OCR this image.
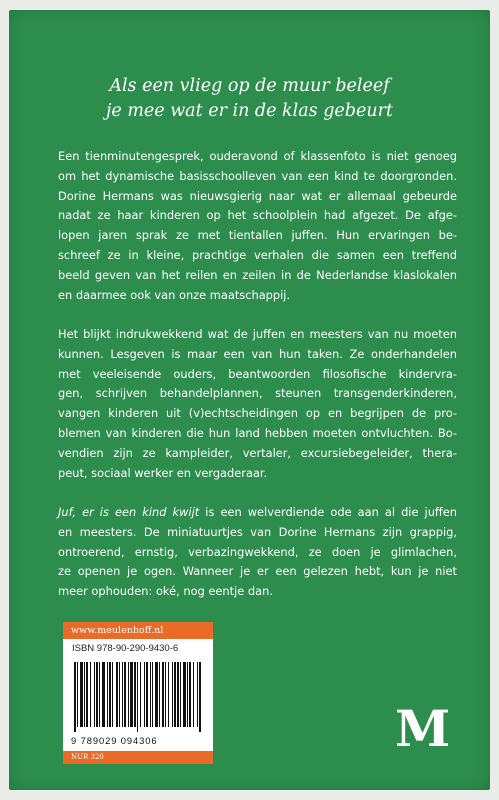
Als een vlieg op de muur beleef
je mee wat er in de klas gebeurt
Een tienminutengesprek, ouderavond of klassenfoto is niet genoeg
om het dynamische basisschoolleven van een kind te doorgronden.
Dorine Hermans was nieuwsgierig naar wat er allemaal gebeurde
nadat ze haar kinderen op het schoolplein had afgezet. De afge-
lopen jaren sprak ze met tientallen juffen. Hun ervaringen be-
schreef ze in kleine, prachtige verhalen die samen een treffend
beeld geven van het reilen en zeilen in de Nederlandse klaslokalen
en daarmee ook van onze maatschappij.
Het blijkt indrukwekkend wat de juffen en meesters van nu moeten
kunnen. Lesgeven is maar een van hun taken. Ze onderhandelen
met veeleisende ouders, beantwoorden filosofische kindervra-
gen, schrijven behandelplannen, steunen transgenderkinderen,
vangen kinderen uit (v)echtscheidingen op en begrijpen de pro-
blemen van kinderen die hun land hebben moeten ontvluchten. Bo-
vendien zijn ze kampleider, vertaler, excursiebegeleider, thera-
peut, sociaal werker en vergaderaar.
Juf, er is een kind kwijt is een welverdiende ode aan al die juffen
en meesters. De miniatuurtjes van Dorine Hermans zijn grappig,
ontroerend, ernstig, verbazingwekkend, ze doen je glimlachen,
ze openen je ogen. Wanneer je er een gelezen hebt, kun je niet
meer ophouden: oké, nog eentje dan.
www.meulenhoff.nl
ISBN 978-90-290-9430-6
9 789029 094306
NUR 320	M
